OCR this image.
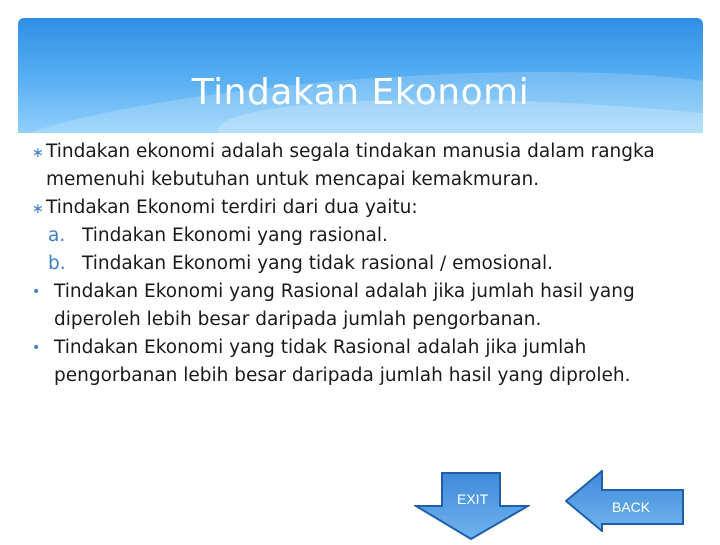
Tindakan Ekonomi
∗ Tindakan ekonomi adalah segala tindakan manusia dalam rangka
memenuhi kebutuhan untuk mencapai kemakmuran.
∗ Tindakan Ekonomi terdiri dari dua yaitu:
a. Tindakan Ekonomi yang rasional.
b. Tindakan Ekonomi yang tidak rasional / emosional.
• Tindakan Ekonomi yang Rasional adalah jika jumlah hasil yang
diperoleh lebih besar daripada jumlah pengorbanan.
• Tindakan Ekonomi yang tidak Rasional adalah jika jumlah
pengorbanan lebih besar daripada jumlah hasil yang diproleh.
EXIT	BACK
